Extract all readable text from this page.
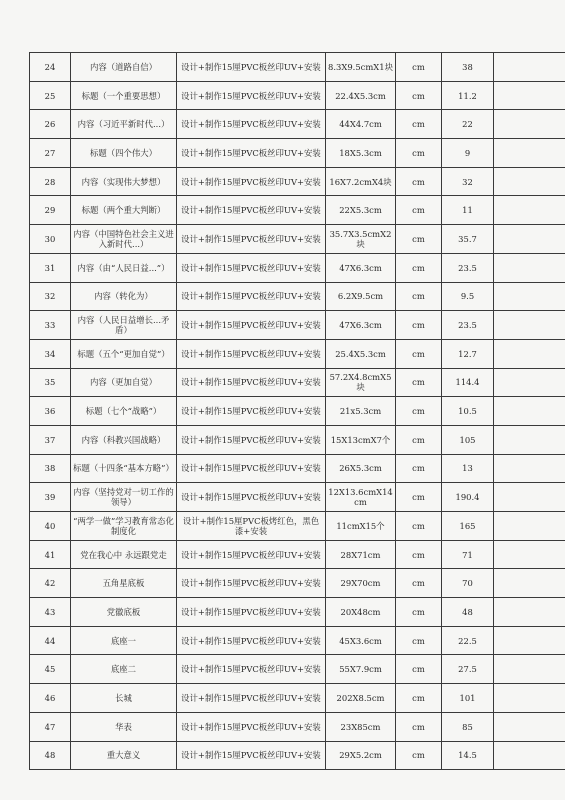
24	内容（道路自信）	设计+制作15厘PVC板丝印UV+安装	8.3X9.5cmX1块	cm	38	
25	标题（一个重要思想）	设计+制作15厘PVC板丝印UV+安装	22.4X5.3cm	cm	11.2	
26	内容（习近平新时代...）	设计+制作15厘PVC板丝印UV+安装	44X4.7cm	cm	22	
27	标题（四个伟大）	设计+制作15厘PVC板丝印UV+安装	18X5.3cm	cm	9	
28	内容（实现伟大梦想）	设计+制作15厘PVC板丝印UV+安装	16X7.2cmX4块	cm	32	
29	标题（两个重大判断）	设计+制作15厘PVC板丝印UV+安装	22X5.3cm	cm	11	
30	内容（中国特色社会主义进入新时代...）	设计+制作15厘PVC板丝印UV+安装	35.7X3.5cmX2块	cm	35.7	
31	内容（由“人民日益...”）	设计+制作15厘PVC板丝印UV+安装	47X6.3cm	cm	23.5	
32	内容（转化为）	设计+制作15厘PVC板丝印UV+安装	6.2X9.5cm	cm	9.5	
33	内容（人民日益增长...矛盾）	设计+制作15厘PVC板丝印UV+安装	47X6.3cm	cm	23.5	
34	标题（五个“更加自觉”）	设计+制作15厘PVC板丝印UV+安装	25.4X5.3cm	cm	12.7	
35	内容（更加自觉）	设计+制作15厘PVC板丝印UV+安装	57.2X4.8cmX5块	cm	114.4	
36	标题（七个“战略”）	设计+制作15厘PVC板丝印UV+安装	21x5.3cm	cm	10.5	
37	内容（科教兴国战略）	设计+制作15厘PVC板丝印UV+安装	15X13cmX7个	cm	105	
38	标题（十四条“基本方略”）	设计+制作15厘PVC板丝印UV+安装	26X5.3cm	cm	13	
39	内容（坚持党对一切工作的领导）	设计+制作15厘PVC板丝印UV+安装	12X13.6cmX14cm	cm	190.4	
40	“两学一做”学习教育常态化制度化	设计+制作15厘PVC板烤红色，黑色漆+安装	11cmX15个	cm	165	
41	党在我心中 永远跟党走	设计+制作15厘PVC板丝印UV+安装	28X71cm	cm	71	
42	五角星底板	设计+制作15厘PVC板丝印UV+安装	29X70cm	cm	70	
43	党徽底板	设计+制作15厘PVC板丝印UV+安装	20X48cm	cm	48	
44	底座一	设计+制作15厘PVC板丝印UV+安装	45X3.6cm	cm	22.5	
45	底座二	设计+制作15厘PVC板丝印UV+安装	55X7.9cm	cm	27.5	
46	长城	设计+制作15厘PVC板丝印UV+安装	202X8.5cm	cm	101	
47	华表	设计+制作15厘PVC板丝印UV+安装	23X85cm	cm	85	
48	重大意义	设计+制作15厘PVC板丝印UV+安装	29X5.2cm	cm	14.5	
